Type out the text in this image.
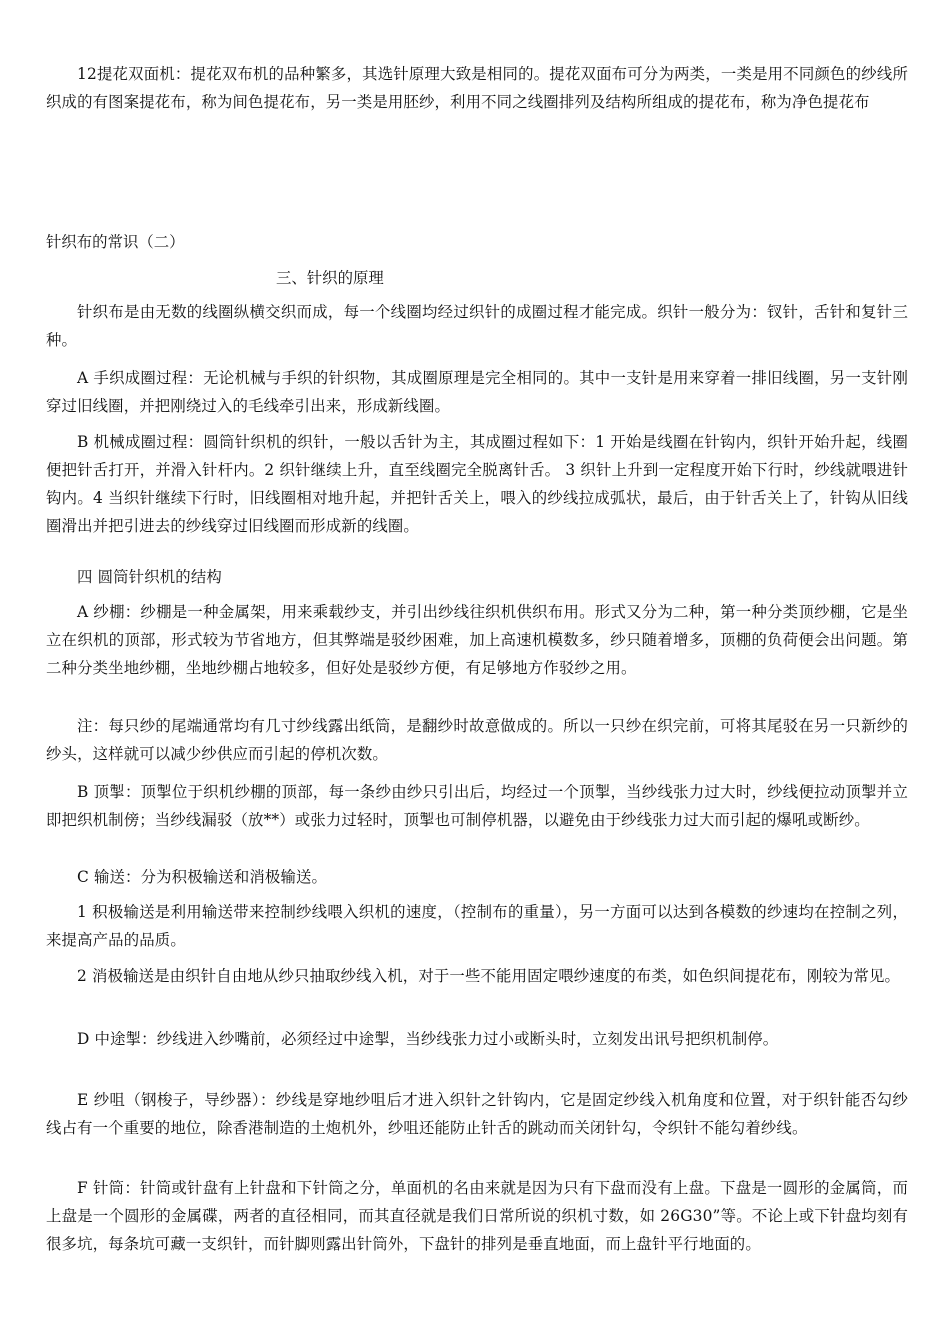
12提花双面机：提花双布机的品种繁多，其选针原理大致是相同的。提花双面布可分为两类，一类是用不同颜色的纱线所织成的有图案提花布，称为间色提花布，另一类是用胚纱，利用不同之线圈排列及结构所组成的提花布，称为净色提花布

针织布的常识（二）

三、针织的原理

针织布是由无数的线圈纵横交织而成，每一个线圈均经过织针的成圈过程才能完成。织针一般分为：钗针，舌针和复针三种。

A 手织成圈过程：无论机械与手织的针织物，其成圈原理是完全相同的。其中一支针是用来穿着一排旧线圈，另一支针刚穿过旧线圈，并把刚绕过入的毛线牵引出来，形成新线圈。

B 机械成圈过程：圆筒针织机的织针，一般以舌针为主，其成圈过程如下：1 开始是线圈在针钩内，织针开始升起，线圈便把针舌打开，并滑入针杆内。2 织针继续上升，直至线圈完全脱离针舌。 3 织针上升到一定程度开始下行时，纱线就喂进针钩内。4 当织针继续下行时，旧线圈相对地升起，并把针舌关上，喂入的纱线拉成弧状，最后，由于针舌关上了，针钩从旧线圈滑出并把引进去的纱线穿过旧线圈而形成新的线圈。

四 圆筒针织机的结构

A 纱棚：纱棚是一种金属架，用来乘载纱支，并引出纱线往织机供织布用。形式又分为二种，第一种分类顶纱棚，它是坐立在织机的顶部，形式较为节省地方，但其弊端是驳纱困难，加上高速机模数多，纱只随着增多，顶棚的负荷便会出问题。第二种分类坐地纱棚，坐地纱棚占地较多，但好处是驳纱方便，有足够地方作驳纱之用。

注：每只纱的尾端通常均有几寸纱线露出纸筒，是翻纱时故意做成的。所以一只纱在织完前，可将其尾驳在另一只新纱的纱头，这样就可以减少纱供应而引起的停机次数。

B 顶掣：顶掣位于织机纱棚的顶部，每一条纱由纱只引出后，均经过一个顶掣，当纱线张力过大时，纱线便拉动顶掣并立即把织机制傍；当纱线漏驳（放**）或张力过轻时，顶掣也可制停机器，以避免由于纱线张力过大而引起的爆吼或断纱。

C 输送：分为积极输送和消极输送。

1 积极输送是利用输送带来控制纱线喂入织机的速度，（控制布的重量），另一方面可以达到各模数的纱速均在控制之列，来提高产品的品质。

2 消极输送是由织针自由地从纱只抽取纱线入机，对于一些不能用固定喂纱速度的布类，如色织间提花布，刚较为常见。

D 中途掣：纱线进入纱嘴前，必须经过中途掣，当纱线张力过小或断头时，立刻发出讯号把织机制停。

E 纱咀（钢梭子，导纱器）：纱线是穿地纱咀后才进入织针之针钩内，它是固定纱线入机角度和位置，对于织针能否勾纱线占有一个重要的地位，除香港制造的土炮机外，纱咀还能防止针舌的跳动而关闭针勾，令织针不能勾着纱线。

F 针筒：针筒或针盘有上针盘和下针筒之分，单面机的名由来就是因为只有下盘而没有上盘。下盘是一圆形的金属筒，而上盘是一个圆形的金属碟，两者的直径相同，而其直径就是我们日常所说的织机寸数，如 26G30”等。不论上或下针盘均刻有很多坑，每条坑可藏一支织针，而针脚则露出针筒外，下盘针的排列是垂直地面，而上盘针平行地面的。
